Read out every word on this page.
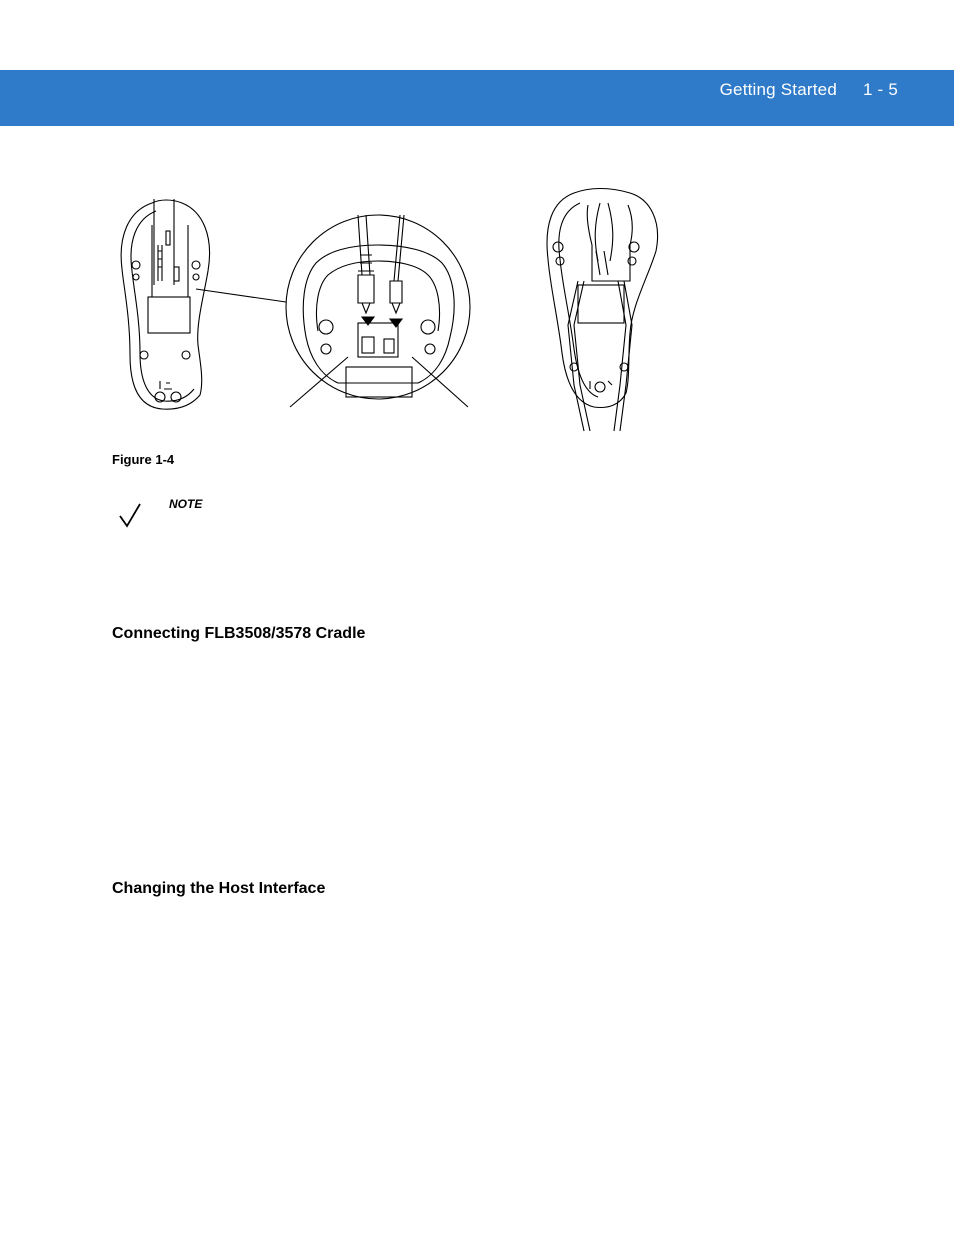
Getting Started 1 - 5
Figure 1-4
NOTE
Connecting FLB3508/3578 Cradle
Changing the Host Interface
